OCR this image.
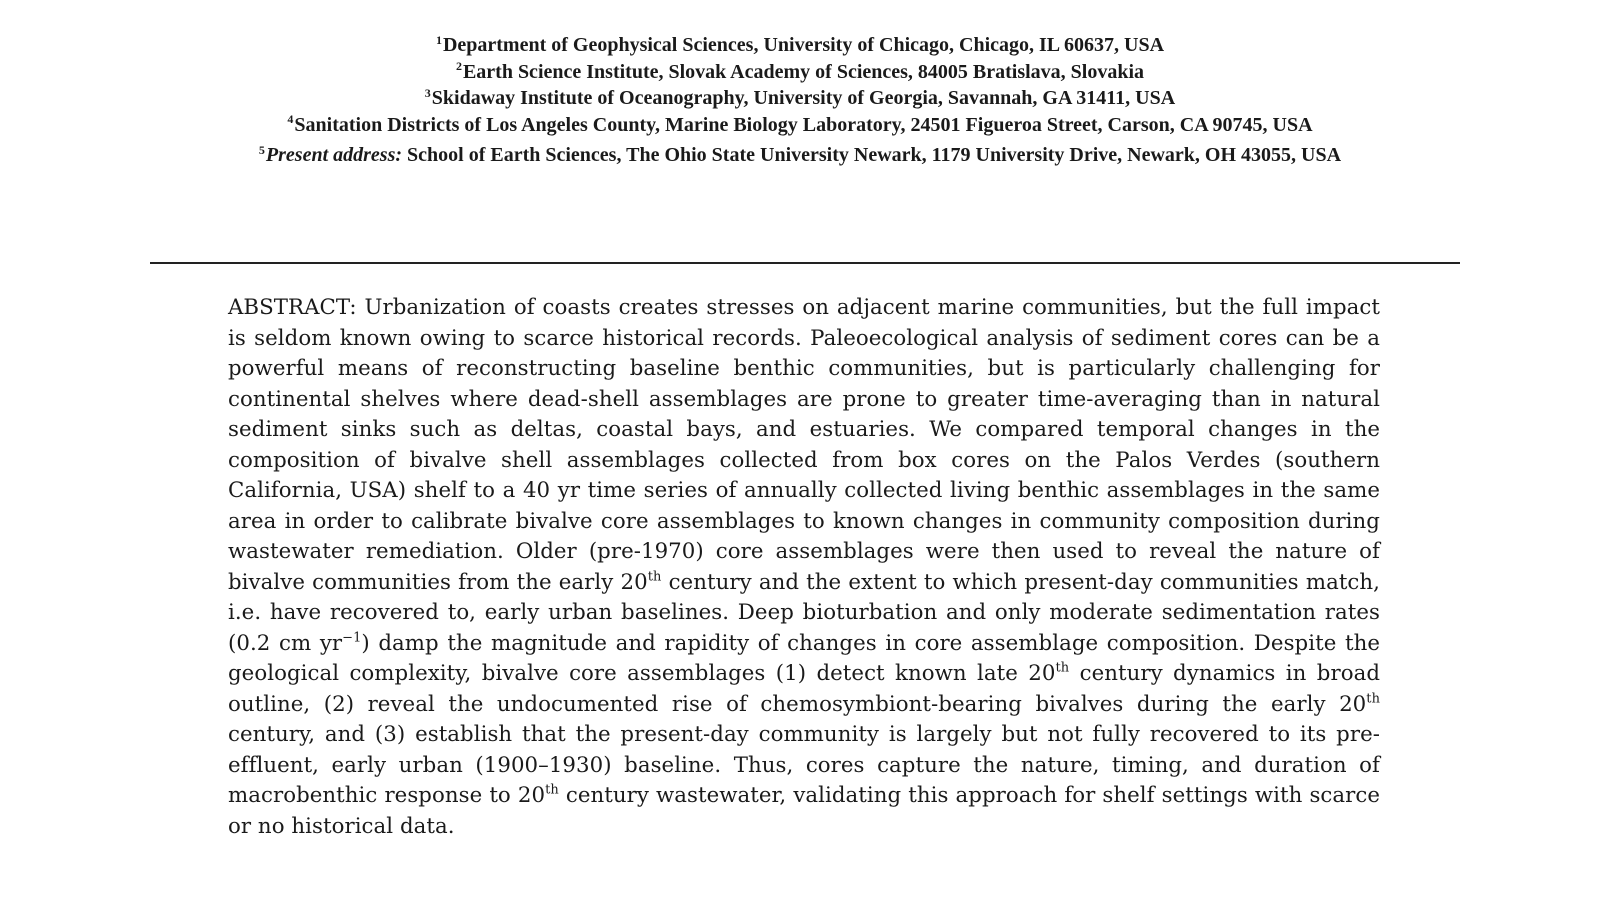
$^1$Department of Geophysical Sciences, University of Chicago, Chicago, IL 60637, USA
$^2$Earth Science Institute, Slovak Academy of Sciences, 84005 Bratislava, Slovakia
$^3$Skidaway Institute of Oceanography, University of Georgia, Savannah, GA 31411, USA
$^4$Sanitation Districts of Los Angeles County, Marine Biology Laboratory, 24501 Figueroa Street, Carson, CA 90745, USA
$^5$Present address: School of Earth Sciences, The Ohio State University Newark, 1179 University Drive, Newark, OH 43055, USA

ABSTRACT: Urbanization of coasts creates stresses on adjacent marine communities, but the full impact is seldom known owing to scarce historical records. Paleoecological analysis of sediment cores can be a powerful means of reconstructing baseline benthic communities, but is particularly challenging for continental shelves where dead-shell assemblages are prone to greater time-averaging than in natural sediment sinks such as deltas, coastal bays, and estuaries. We compared temporal changes in the composition of bivalve shell assemblages collected from box cores on the Palos Verdes (southern California, USA) shelf to a 40 yr time series of annually collected living benthic assemblages in the same area in order to calibrate bivalve core assemblages to known changes in community composition during wastewater remediation. Older (pre-1970) core assemblages were then used to reveal the nature of bivalve communities from the early 20th century and the extent to which present-day communities match, i.e. have recovered to, early urban baselines. Deep bioturbation and only moderate sedimentation rates (0.2 cm $yr^{-1}$) damp the magnitude and rapidity of changes in core assemblage composition. Despite the geological complexity, bivalve core assemblages (1) detect known late 20th century dynamics in broad outline, (2) reveal the undocumented rise of chemosymbiont-bearing bivalves during the early 20th century, and (3) establish that the present-day community is largely but not fully recovered to its pre-effluent, early urban (1900–1930) baseline. Thus, cores capture the nature, timing, and duration of macrobenthic response to 20th century wastewater, validating this approach for shelf settings with scarce or no historical data.
